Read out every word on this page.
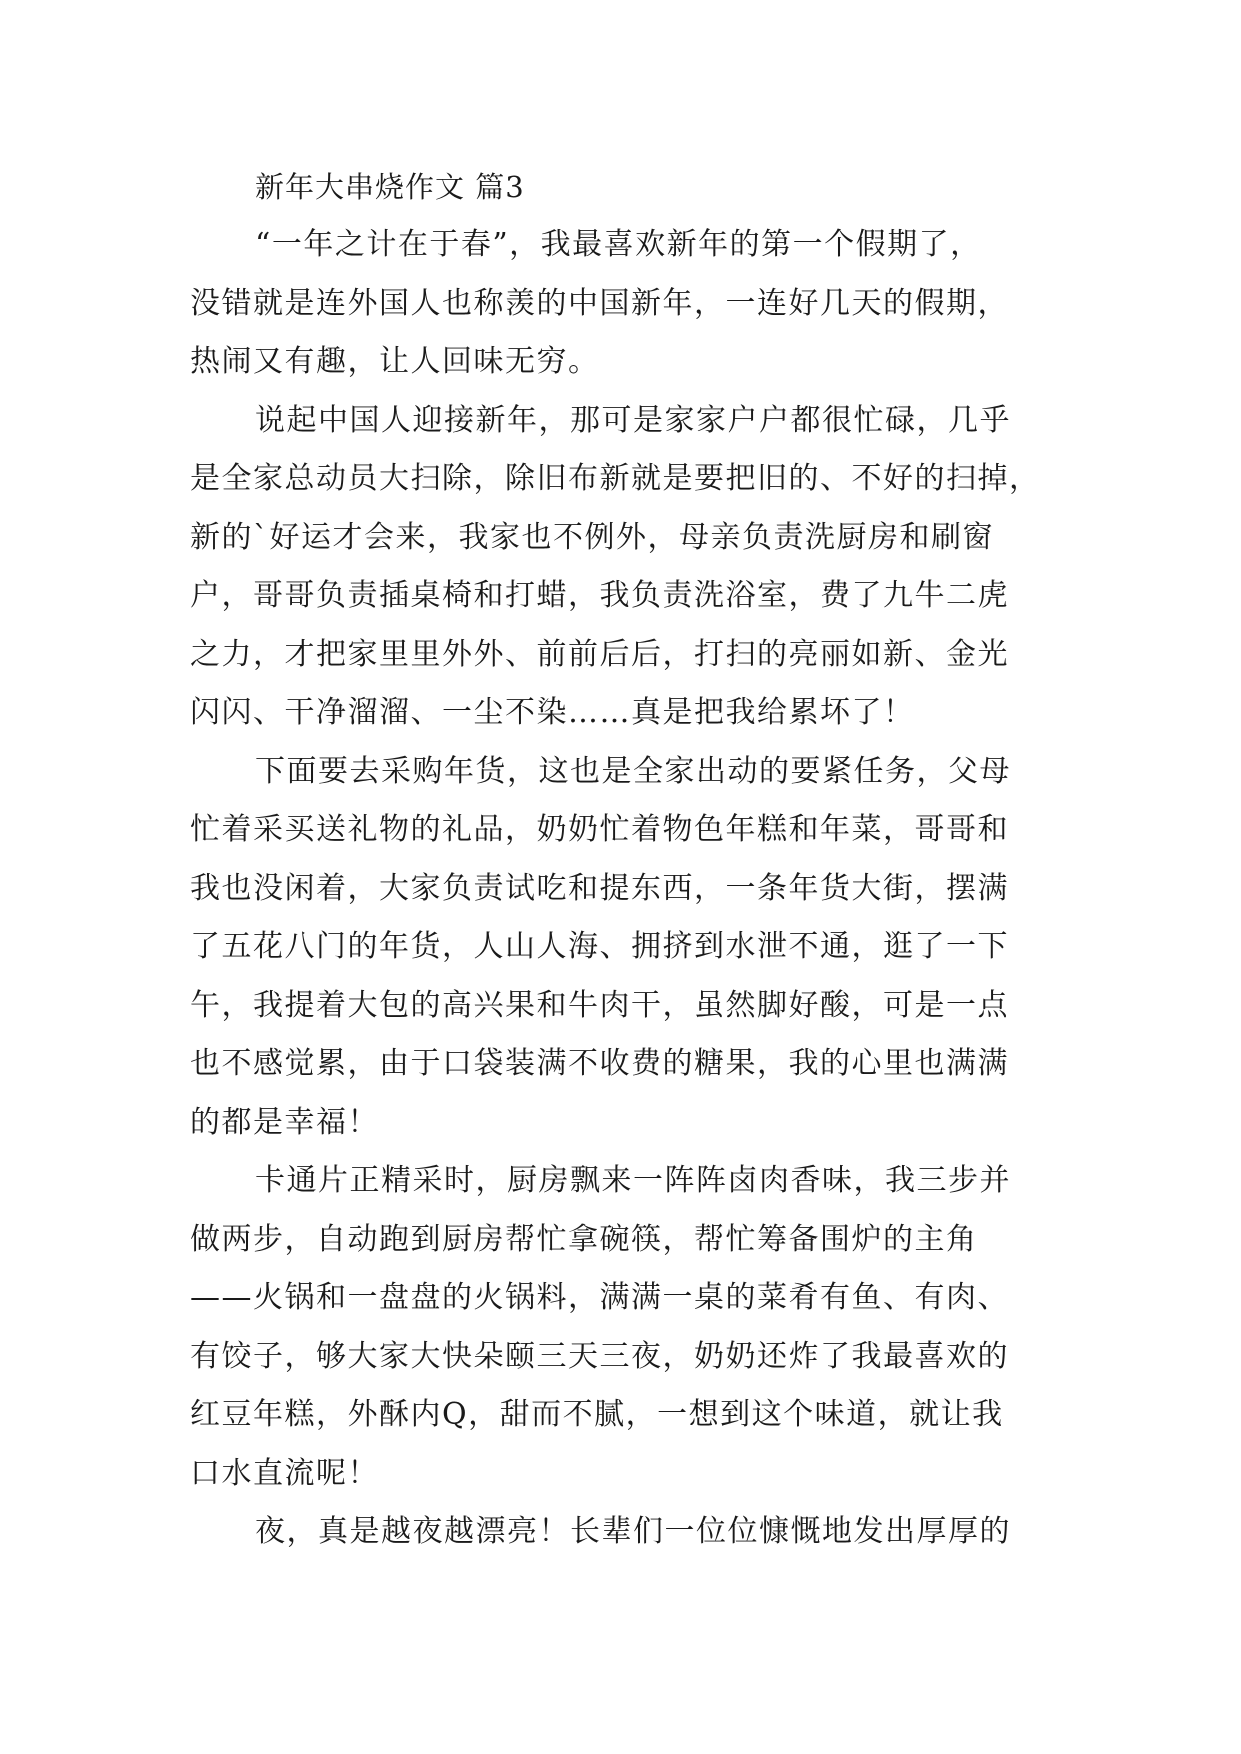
新年大串烧作文 篇3
“一年之计在于春”，我最喜欢新年的第一个假期了，
没错就是连外国人也称羡的中国新年，一连好几天的假期，
热闹又有趣，让人回味无穷。
说起中国人迎接新年，那可是家家户户都很忙碌，几乎
是全家总动员大扫除，除旧布新就是要把旧的、不好的扫掉，
新的`好运才会来，我家也不例外，母亲负责洗厨房和刷窗
户，哥哥负责插桌椅和打蜡，我负责洗浴室，费了九牛二虎
之力，才把家里里外外、前前后后，打扫的亮丽如新、金光
闪闪、干净溜溜、一尘不染……真是把我给累坏了！
下面要去采购年货，这也是全家出动的要紧任务，父母
忙着采买送礼物的礼品，奶奶忙着物色年糕和年菜，哥哥和
我也没闲着，大家负责试吃和提东西，一条年货大街，摆满
了五花八门的年货，人山人海、拥挤到水泄不通，逛了一下
午，我提着大包的高兴果和牛肉干，虽然脚好酸，可是一点
也不感觉累，由于口袋装满不收费的糖果，我的心里也满满
的都是幸福！
卡通片正精采时，厨房飘来一阵阵卤肉香味，我三步并
做两步，自动跑到厨房帮忙拿碗筷，帮忙筹备围炉的主角
——火锅和一盘盘的火锅料，满满一桌的菜肴有鱼、有肉、
有饺子，够大家大快朵颐三天三夜，奶奶还炸了我最喜欢的
红豆年糕，外酥内Q，甜而不腻，一想到这个味道，就让我
口水直流呢！
夜，真是越夜越漂亮！长辈们一位位慷慨地发出厚厚的
